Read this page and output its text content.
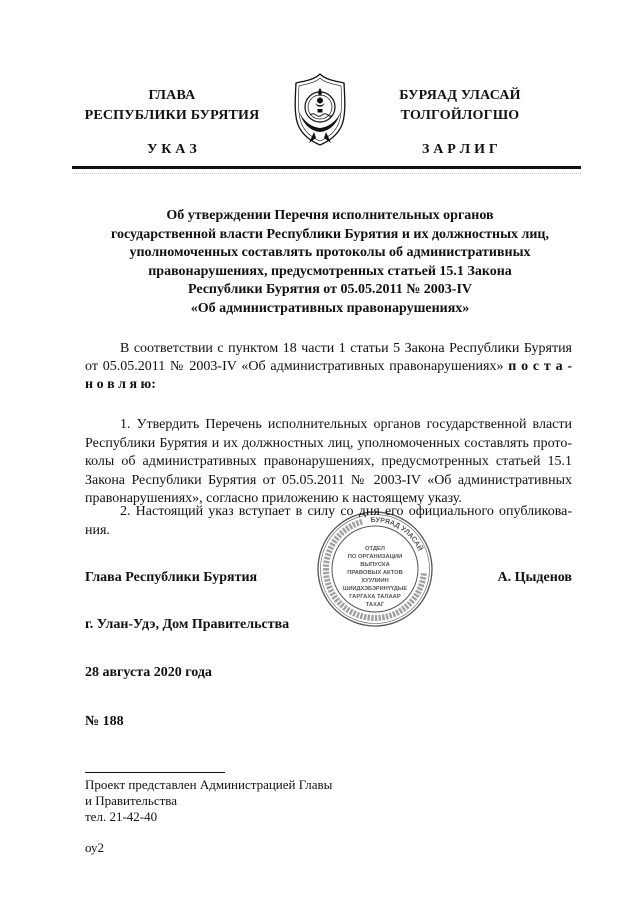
ГЛАВА
РЕСПУБЛИКИ БУРЯТИЯ
У К А З
БУРЯАД УЛАСАЙ
ТОЛГОЙЛОГШО
З А Р Л И Г
Об утверждении Перечня исполнительных органов
государственной власти Республики Бурятия и их должностных лиц,
уполномоченных составлять протоколы об административных
правонарушениях, предусмотренных статьей 15.1 Закона
Республики Бурятия от 05.05.2011 № 2003-IV
«Об административных правонарушениях»
В соответствии с пунктом 18 части 1 статьи 5 Закона Республики Бурятия
от 05.05.2011 № 2003-IV «Об административных правонарушениях» п о с т а -
н о в л я ю:
1. Утвердить Перечень исполнительных органов государственной власти
Республики Бурятия и их должностных лиц, уполномоченных составлять прото-
колы об административных правонарушениях, предусмотренных статьей 15.1
Закона Республики Бурятия от 05.05.2011 № 2003-IV «Об административных
правонарушениях», согласно приложению к настоящему указу.
2. Настоящий указ вступает в силу со дня его официального опубликова-
ния.
Глава Республики Бурятия	А. Цыденов
г. Улан-Удэ, Дом Правительства
28 августа 2020 года
№ 188
БУРЯАД УЛАСАЙ
ОТДЕЛ
ПО ОРГАНИЗАЦИИ
ВЫПУСКА
ПРАВОВЫХ АКТОВ
ХУУЛИИН
ШИИДХЭБЭРИНҮҮДЫЕ
ГАРГАХА ТАЛААР
ТАХАГ
Проект представлен Администрацией Главы
и Правительства
тел. 21-42-40
оу2
